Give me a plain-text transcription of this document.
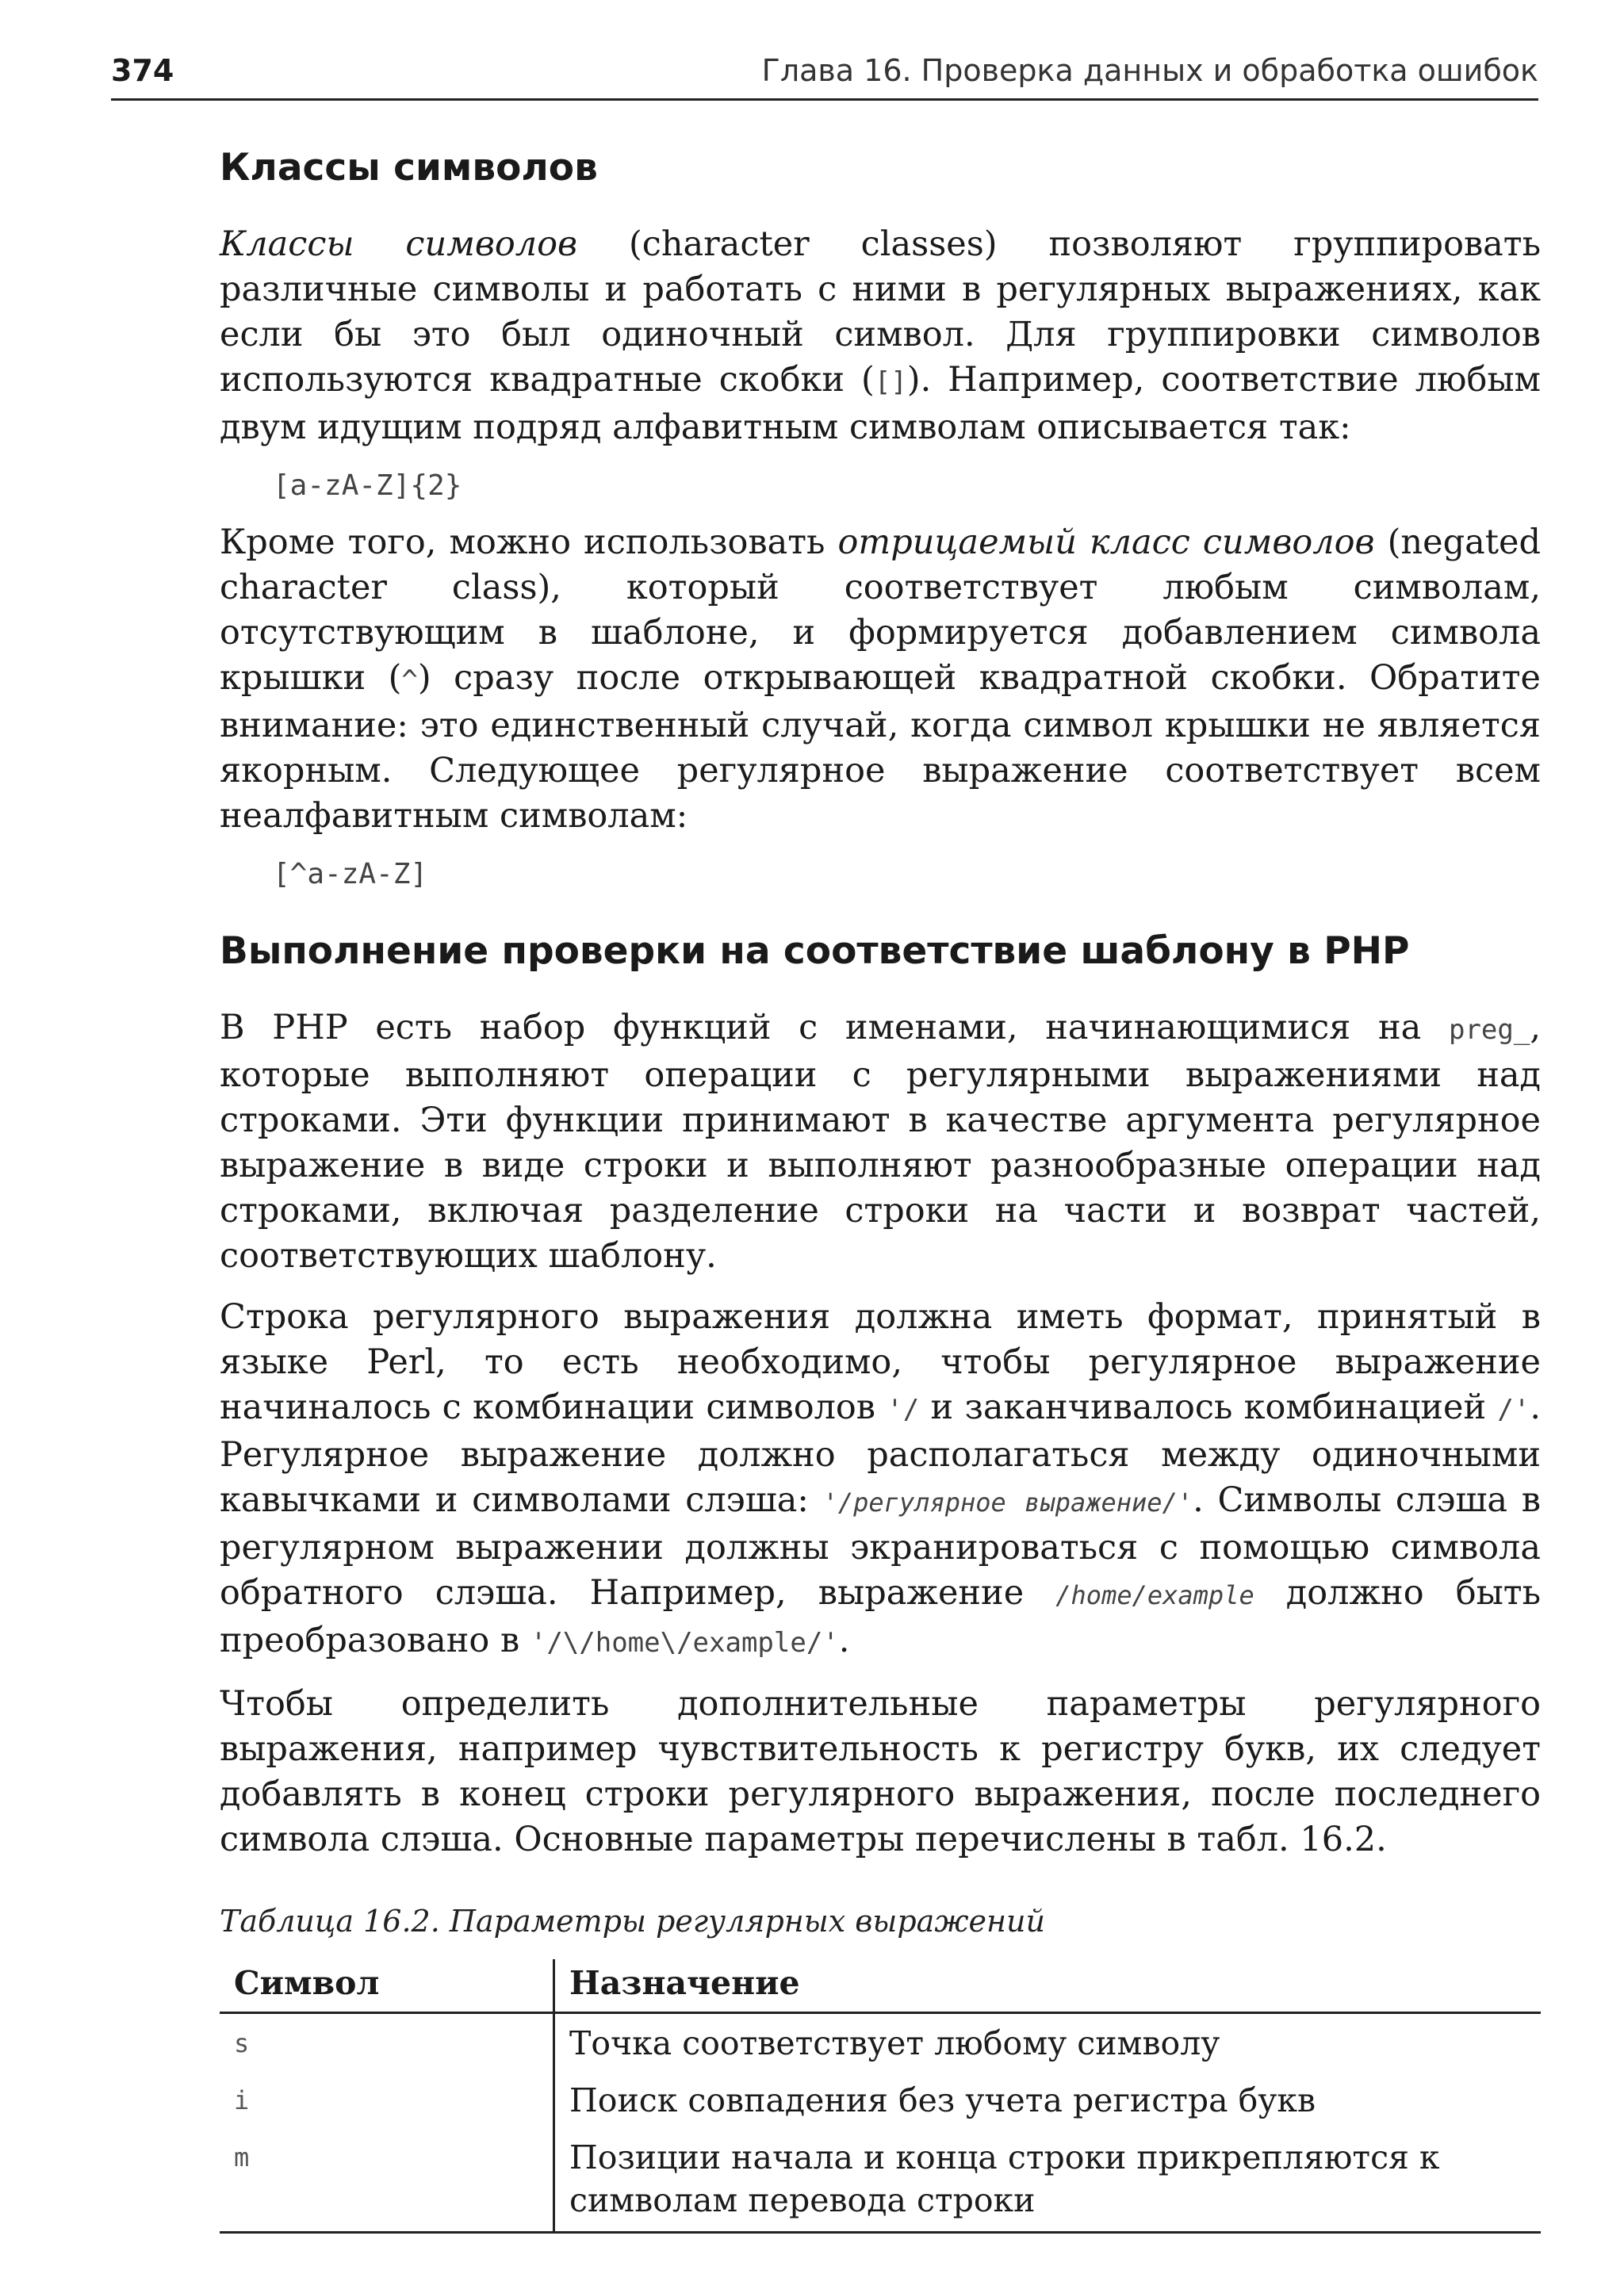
374	Глава 16. Проверка данных и обработка ошибок
Классы символов

Классы символов (character classes) позволяют группировать различные символы и работать с ними в регулярных выражениях, как если бы это был одиночный символ. Для группировки символов используются квадратные скобки ([]). Например, соответствие любым двум идущим подряд алфавитным символам описывается так:

[a-zA-Z]{2}

Кроме того, можно использовать отрицаемый класс символов (negated character class), который соответствует любым символам, отсутствующим в шаблоне, и формируется добавлением символа крышки (^) сразу после открывающей квадратной скобки. Обратите внимание: это единственный случай, когда символ крышки не является якорным. Следующее регулярное выражение соответствует всем неалфавитным символам:

[^a-zA-Z]
Выполнение проверки на соответствие шаблону в PHP

В PHP есть набор функций с именами, начинающимися на preg_, которые выполняют операции с регулярными выражениями над строками. Эти функции принимают в качестве аргумента регулярное выражение в виде строки и выполняют разнообразные операции над строками, включая разделение строки на части и возврат частей, соответствующих шаблону.

Строка регулярного выражения должна иметь формат, принятый в языке Perl, то есть необходимо, чтобы регулярное выражение начиналось с комбинации символов '/ и заканчивалось комбинацией /'. Регулярное выражение должно располагаться между одиночными кавычками и символами слэша: '/регулярное выражение/'. Символы слэша в регулярном выражении должны экранироваться с помощью символа обратного слэша. Например, выражение /home/example должно быть преобразовано в '/\/home\/example/'.

Чтобы определить дополнительные параметры регулярного выражения, например чувствительность к регистру букв, их следует добавлять в конец строки регулярного выражения, после последнего символа слэша. Основные параметры перечислены в табл. 16.2.

Таблица 16.2. Параметры регулярных выражений
Символ	Назначение
s	Точка соответствует любому символу
i	Поиск совпадения без учета регистра букв
m	Позиции начала и конца строки прикрепляются к символам перевода строки
